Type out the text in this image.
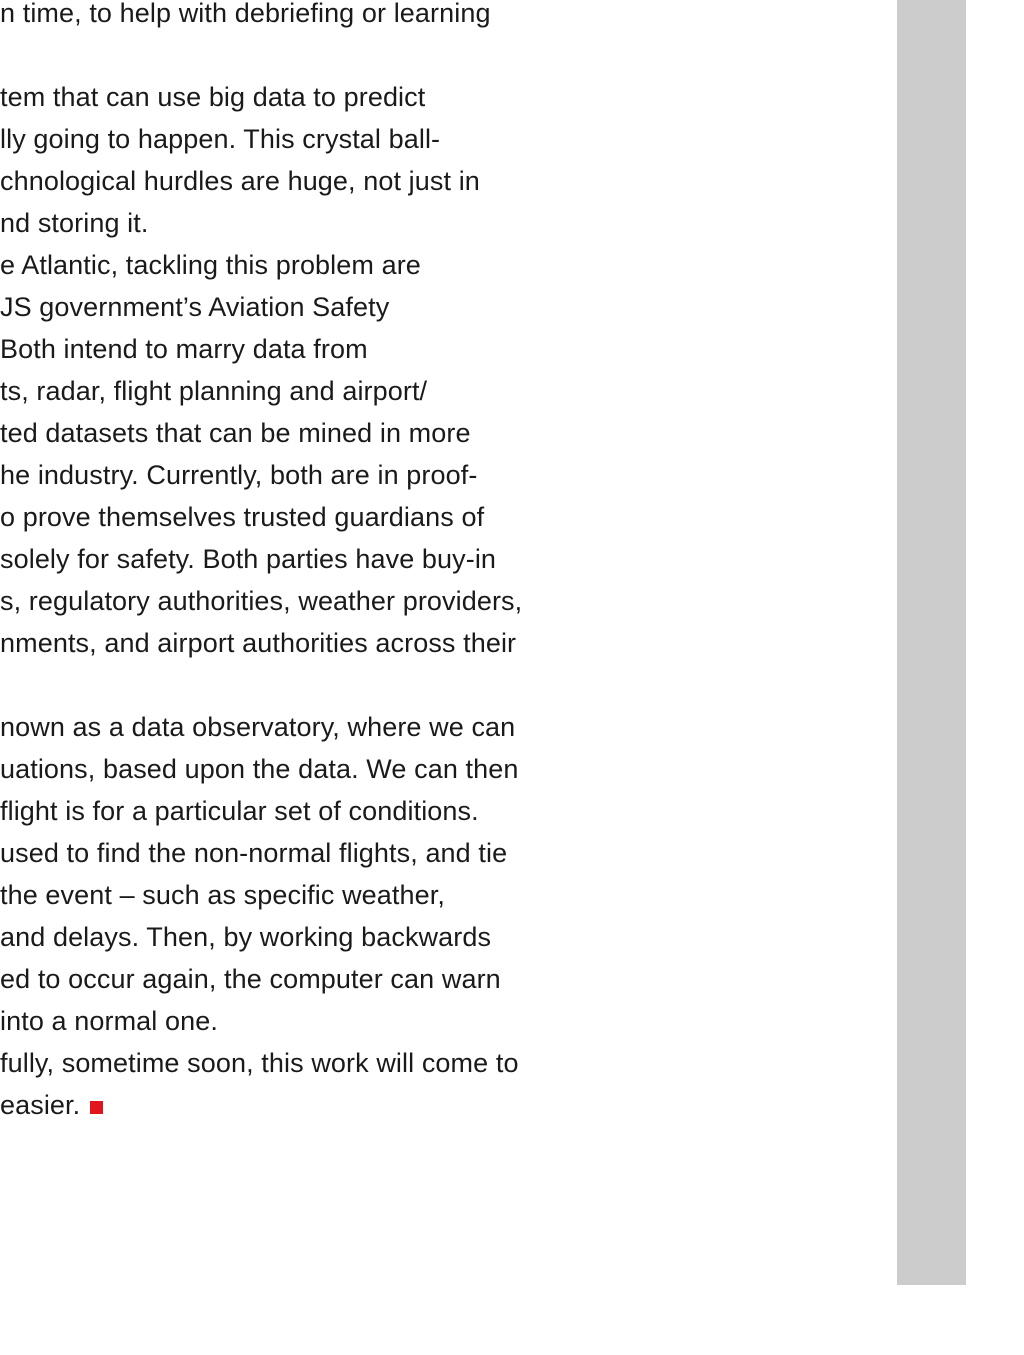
n time, to help with debriefing or learning
tem that can use big data to predict
lly going to happen. This crystal ball-
chnological hurdles are huge, not just in
nd storing it.
e Atlantic, tackling this problem are
JS government’s Aviation Safety
Both intend to marry data from
ts, radar, flight planning and airport/
ted datasets that can be mined in more
he industry. Currently, both are in proof-
o prove themselves trusted guardians of
solely for safety. Both parties have buy-in
s, regulatory authorities, weather providers,
nments, and airport authorities across their
nown as a data observatory, where we can
uations, based upon the data. We can then
flight is for a particular set of conditions.
used to find the non-normal flights, and tie
the event – such as specific weather,
and delays. Then, by working backwards
ed to occur again, the computer can warn
into a normal one.
fully, sometime soon, this work will come to
easier.
